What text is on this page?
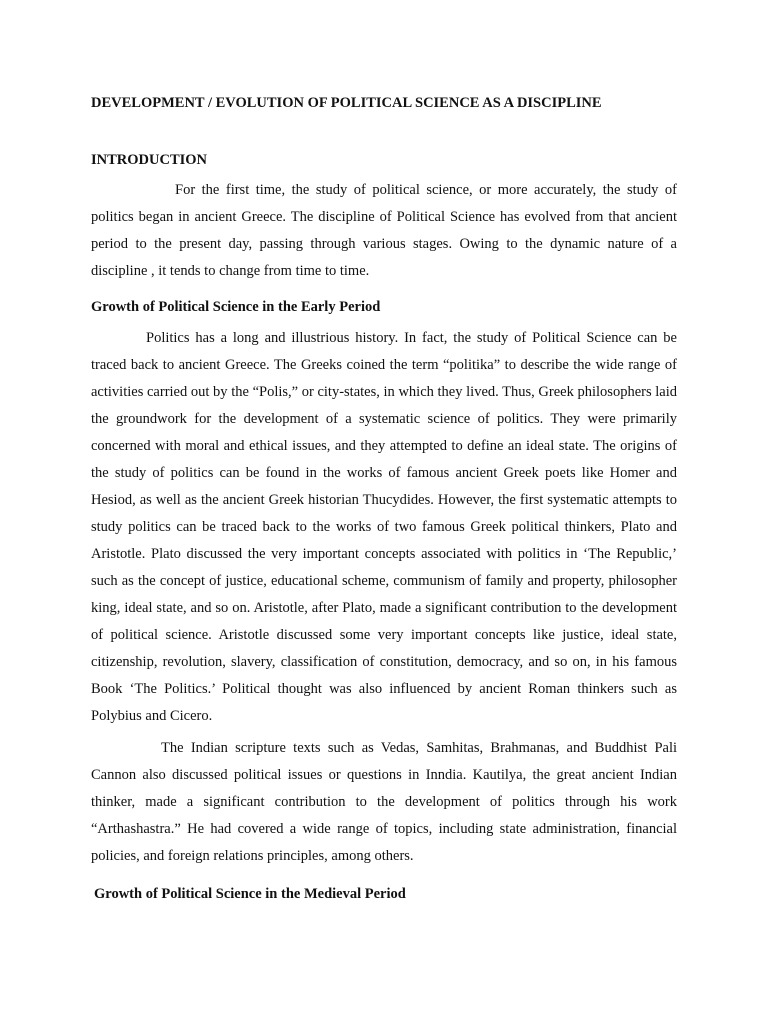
DEVELOPMENT / EVOLUTION OF POLITICAL SCIENCE AS A DISCIPLINE
INTRODUCTION

For the first time, the study of political science, or more accurately, the study of politics began in ancient Greece. The discipline of Political Science has evolved from that ancient period to the present day, passing through various stages. Owing to the dynamic nature of a discipline , it tends to change from time to time.

Growth of Political Science in the Early Period

Politics has a long and illustrious history. In fact, the study of Political Science can be traced back to ancient Greece. The Greeks coined the term “politika” to describe the wide range of activities carried out by the “Polis,” or city-states, in which they lived. Thus, Greek philosophers laid the groundwork for the development of a systematic science of politics. They were primarily concerned with moral and ethical issues, and they attempted to define an ideal state. The origins of the study of politics can be found in the works of famous ancient Greek poets like Homer and Hesiod, as well as the ancient Greek historian Thucydides. However, the first systematic attempts to study politics can be traced back to the works of two famous Greek political thinkers, Plato and Aristotle. Plato discussed the very important concepts associated with politics in ‘The Republic,’ such as the concept of justice, educational scheme, communism of family and property, philosopher king, ideal state, and so on. Aristotle, after Plato, made a significant contribution to the development of political science. Aristotle discussed some very important concepts like justice, ideal state, citizenship, revolution, slavery, classification of constitution, democracy, and so on, in his famous Book ‘The Politics.’ Political thought was also influenced by ancient Roman thinkers such as Polybius and Cicero.

The Indian scripture texts such as Vedas, Samhitas, Brahmanas, and Buddhist Pali Cannon also discussed political issues or questions in Inndia. Kautilya, the great ancient Indian thinker, made a significant contribution to the development of politics through his work “Arthashastra.” He had covered a wide range of topics, including state administration, financial policies, and foreign relations principles, among others.

Growth of Political Science in the Medieval Period
